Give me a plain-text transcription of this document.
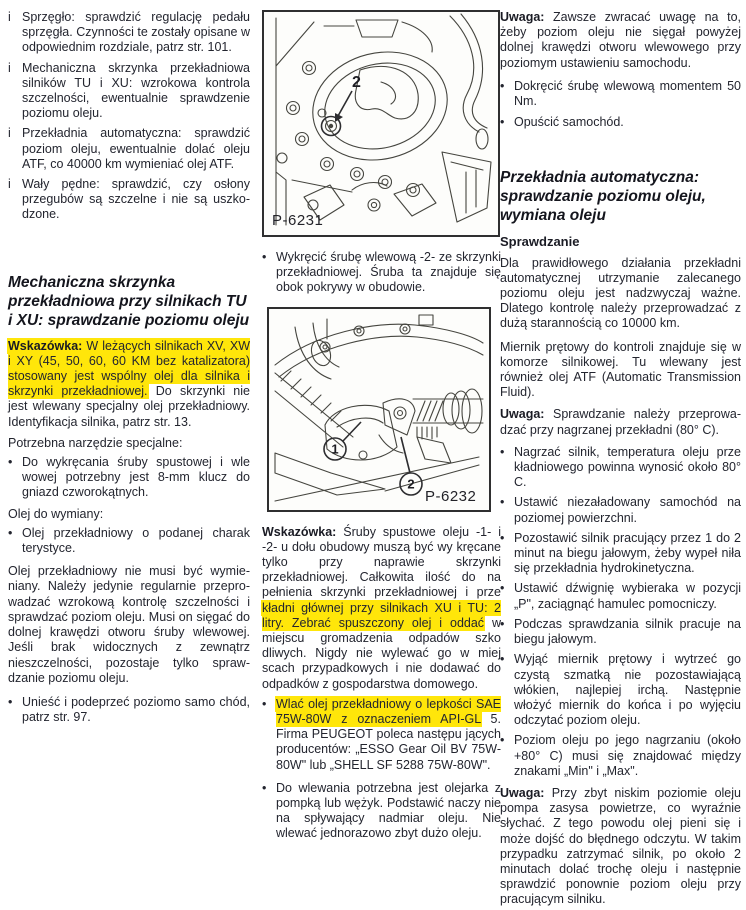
i Sprzęgło: sprawdzić regulację pedału sprzęgła. Czynności te zostały opisane w odpowiednim rozdziale, patrz str. 101.
i Mechaniczna skrzynka przekładniowa silników TU i XU: wzrokowa kontrola szczelności, ewentualnie sprawdzenie poziomu oleju.
i Przekładnia automatyczna: sprawdzić poziom oleju, ewentualnie dolać oleju ATF, co 40000 km wymieniać olej ATF.
i Wały pędne: sprawdzić, czy osłony przegubów są szczelne i nie są uszkodzone.
Mechaniczna skrzynka przekładniowa przy silnikach TU i XU: sprawdzanie poziomu oleju

Wskazówka: W leżących silnikach XV, XW i XY (45, 50, 60, 60 KM bez katalizatora) stosowany jest wspólny olej dla silnika i skrzynki przekładniowej. Do skrzynki nie jest wlewany specjalny olej przekładniowy. Identyfikacja silnika, patrz str. 13.

Potrzebna narzędzie specjalne:

• Do wykręcania śruby spustowej i wle wowej potrzebny jest 8-mm klucz do gniazd czworokątnych.

Olej do wymiany:

• Olej przekładniowy o podanej charak terystyce.

Olej przekładniowy nie musi być wymieniany. Należy jedynie regularnie przeprowadzać wzrokową kontrolę szczelności i sprawdzać poziom oleju. Musi on sięgać do dolnej krawędzi otworu śruby wlewowej. Jeśli brak widocznych z zewnątrz nieszczelności, pozostaje tylko sprawdzanie poziomu oleju.

• Unieść i podeprzeć poziomo samo chód, patrz str. 97.
2
P-6231
• Wykręcić śrubę wlewową -2- ze skrzynki przekładniowej. Śruba ta znajduje się obok pokrywy w obudowie.
1
2
P-6232

Wskazówka: Śruby spustowe oleju -1- i -2- u dołu obudowy muszą być wy kręcane tylko przy naprawie skrzynki przekładniowej. Całkowita ilość do na pełnienia skrzynki przekładniowej i prze kładni głównej przy silnikach XU i TU: 2 litry. Zebrać spuszczony olej i oddać w miejscu gromadzenia odpadów szko dliwych. Nigdy nie wylewać go w miej scach przypadkowych i nie dodawać do odpadków z gospodarstwa domowego.

• Wlać olej przekładniowy o lepkości SAE 75W-80W z oznaczeniem API-GL 5. Firma PEUGEOT poleca następu jących producentów: „ESSO Gear Oil BV 75W-80W" lub „SHELL SF 5288 75W-80W".
• Do wlewania potrzebna jest olejarka z pompką lub wężyk. Podstawić naczy nie na spływający nadmiar oleju. Nie wlewać jednorazowo zbyt dużo oleju.

Uwaga: Zawsze zwracać uwagę na to, żeby poziom oleju nie sięgał powyżej dolnej krawędzi otworu wlewowego przy poziomym ustawieniu samochodu.

• Dokręcić śrubę wlewową momentem 50 Nm.
• Opuścić samochód.
Przekładnia automatyczna: sprawdzanie poziomu oleju, wymiana oleju
Sprawdzanie

Dla prawidłowego działania przekładni automatycznej utrzymanie zalecanego poziomu oleju jest nadzwyczaj ważne. Dlatego kontrolę należy przeprowadzać z dużą starannością co 10000 km.

Miernik prętowy do kontroli znajduje się w komorze silnikowej. Tu wlewany jest również olej ATF (Automatic Transmission Fluid).

Uwaga: Sprawdzanie należy przeprowadzać przy nagrzanej przekładni (80° C).

• Nagrzać silnik, temperatura oleju prze kładniowego powinna wynosić około 80° C.
• Ustawić niezaładowany samochód na poziomej powierzchni.
• Pozostawić silnik pracujący przez 1 do 2 minut na biegu jałowym, żeby wypeł niła się przekładnia hydrokinetyczna.
• Ustawić dźwignię wybieraka w pozycji „P", zaciągnąć hamulec pomocniczy.
• Podczas sprawdzania silnik pracuje na biegu jałowym.
• Wyjąć miernik prętowy i wytrzeć go czystą szmatką nie pozostawiającą włókien, najlepiej irchą. Następnie włożyć miernik do końca i po wyjęciu odczytać poziom oleju.
• Poziom oleju po jego nagrzaniu (około +80° C) musi się znajdować między znakami „Min" i „Max".

Uwaga: Przy zbyt niskim poziomie oleju pompa zasysa powietrze, co wyraźnie słychać. Z tego powodu olej pieni się i może dojść do błędnego odczytu. W takim przypadku zatrzymać silnik, po około 2 minutach dolać trochę oleju i następnie sprawdzić ponownie poziom oleju przy pracującym silniku.
